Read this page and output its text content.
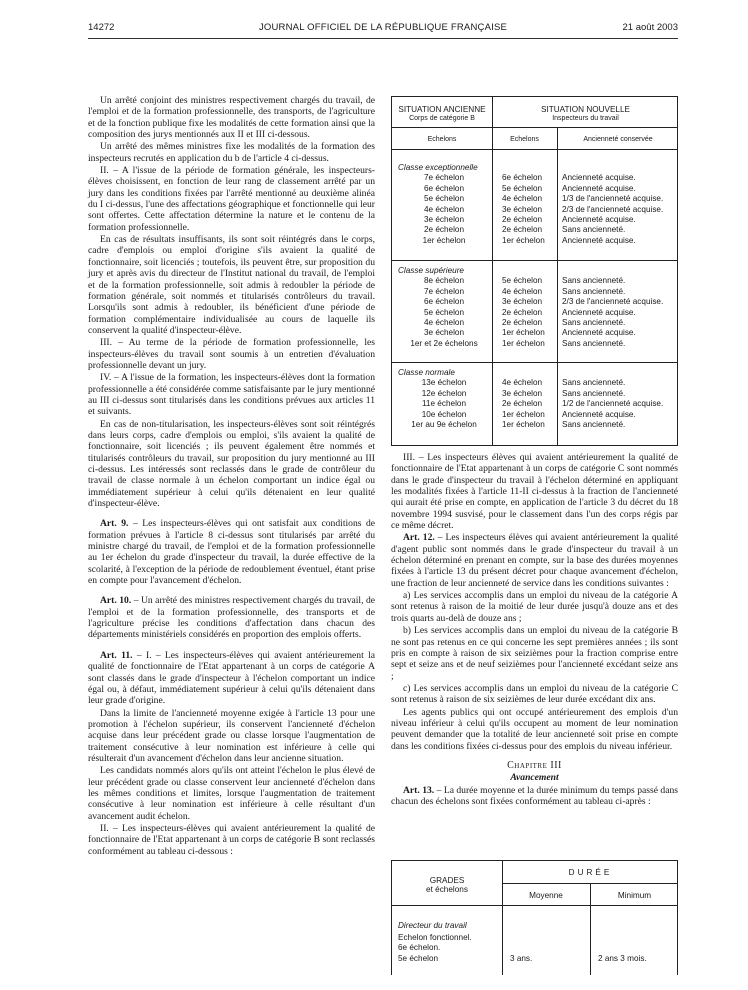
14272	JOURNAL OFFICIEL DE LA RÉPUBLIQUE FRANÇAISE	21 août 2003

Un arrêté conjoint des ministres respectivement chargés du travail, de l'emploi et de la formation professionnelle, des transports, de l'agriculture et de la fonction publique fixe les modalités de cette formation ainsi que la composition des jurys mentionnés aux II et III ci-dessous.

Un arrêté des mêmes ministres fixe les modalités de la formation des inspecteurs recrutés en application du b de l'article 4 ci-dessus.

II. – A l'issue de la période de formation générale, les inspecteurs-élèves choisissent, en fonction de leur rang de classement arrêté par un jury dans les conditions fixées par l'arrêté mentionné au deuxième alinéa du I ci-dessus, l'une des affectations géographique et fonctionnelle qui leur sont offertes. Cette affectation détermine la nature et le contenu de la formation professionnelle.

En cas de résultats insuffisants, ils sont soit réintégrés dans le corps, cadre d'emplois ou emploi d'origine s'ils avaient la qualité de fonctionnaire, soit licenciés ; toutefois, ils peuvent être, sur proposition du jury et après avis du directeur de l'Institut national du travail, de l'emploi et de la formation professionnelle, soit admis à redoubler la période de formation générale, soit nommés et titularisés contrôleurs du travail. Lorsqu'ils sont admis à redoubler, ils bénéficient d'une période de formation complémentaire individualisée au cours de laquelle ils conservent la qualité d'inspecteur-élève.

III. – Au terme de la période de formation professionnelle, les inspecteurs-élèves du travail sont soumis à un entretien d'évaluation professionnelle devant un jury.

IV. – A l'issue de la formation, les inspecteurs-élèves dont la formation professionnelle a été considérée comme satisfaisante par le jury mentionné au III ci-dessus sont titularisés dans les conditions prévues aux articles 11 et suivants.

En cas de non-titularisation, les inspecteurs-élèves sont soit réintégrés dans leurs corps, cadre d'emplois ou emploi, s'ils avaient la qualité de fonctionnaire, soit licenciés ; ils peuvent également être nommés et titularisés contrôleurs du travail, sur proposition du jury mentionné au III ci-dessus. Les intéressés sont reclassés dans le grade de contrôleur du travail de classe normale à un échelon comportant un indice égal ou immédiatement supérieur à celui qu'ils détenaient en leur qualité d'inspecteur-élève.

Art. 9. – Les inspecteurs-élèves qui ont satisfait aux conditions de formation prévues à l'article 8 ci-dessus sont titularisés par arrêté du ministre chargé du travail, de l'emploi et de la formation professionnelle au 1er échelon du grade d'inspecteur du travail, la durée effective de la scolarité, à l'exception de la période de redoublement éventuel, étant prise en compte pour l'avancement d'échelon.

Art. 10. – Un arrêté des ministres respectivement chargés du travail, de l'emploi et de la formation professionnelle, des transports et de l'agriculture précise les conditions d'affectation dans chacun des départements ministériels considérés en proportion des emplois offerts.

Art. 11. – I. – Les inspecteurs-élèves qui avaient antérieurement la qualité de fonctionnaire de l'Etat appartenant à un corps de catégorie A sont classés dans le grade d'inspecteur à l'échelon comportant un indice égal ou, à défaut, immédiatement supérieur à celui qu'ils détenaient dans leur grade d'origine.

Dans la limite de l'ancienneté moyenne exigée à l'article 13 pour une promotion à l'échelon supérieur, ils conservent l'ancienneté d'échelon acquise dans leur précédent grade ou classe lorsque l'augmentation de traitement consécutive à leur nomination est inférieure à celle qui résulterait d'un avancement d'échelon dans leur ancienne situation.

Les candidats nommés alors qu'ils ont atteint l'échelon le plus élevé de leur précédent grade ou classe conservent leur ancienneté d'échelon dans les mêmes conditions et limites, lorsque l'augmentation de traitement consécutive à leur nomination est inférieure à celle résultant d'un avancement audit échelon.

II. – Les inspecteurs-élèves qui avaient antérieurement la qualité de fonctionnaire de l'Etat appartenant à un corps de catégorie B sont reclassés conformément au tableau ci-dessous :

SITUATION ANCIENNE
Corps de catégorie B
SITUATION NOUVELLE
Inspecteurs du travail
Echelons	Echelons	Ancienneté conservée
Classe exceptionnelle
7e échelon	6e échelon Ancienneté acquise.
6e échelon	5e échelon Ancienneté acquise.
5e échelon	4e échelon 1/3 de l'ancienneté acquise.
4e échelon	3e échelon 2/3 de l'ancienneté acquise.
3e échelon	2e échelon Ancienneté acquise.
2e échelon	2e échelon Sans ancienneté.
1er échelon	1er échelon Ancienneté acquise.
Classe supérieure
8e échelon	5e échelon Sans ancienneté.
7e échelon	4e échelon Sans ancienneté.
6e échelon	3e échelon 2/3 de l'ancienneté acquise.
5e échelon	2e échelon Ancienneté acquise.
4e échelon	2e échelon Sans ancienneté.
3e échelon	1er échelon Ancienneté acquise.
1er et 2e échelons	1er échelon Sans ancienneté.
Classe normale
13e échelon	4e échelon Sans ancienneté.
12e échelon	3e échelon Sans ancienneté.
11e échelon	2e échelon 1/2 de l'ancienneté acquise.
10e échelon	1er échelon Ancienneté acquise.
1er au 9e échelon	1er échelon Sans ancienneté.

III. – Les inspecteurs élèves qui avaient antérieurement la qualité de fonctionnaire de l'Etat appartenant à un corps de catégorie C sont nommés dans le grade d'inspecteur du travail à l'échelon déterminé en appliquant les modalités fixées à l'article 11-II ci-dessus à la fraction de l'ancienneté qui aurait été prise en compte, en application de l'article 3 du décret du 18 novembre 1994 susvisé, pour le classement dans l'un des corps régis par ce même décret.

Art. 12. – Les inspecteurs élèves qui avaient antérieurement la qualité d'agent public sont nommés dans le grade d'inspecteur du travail à un échelon déterminé en prenant en compte, sur la base des durées moyennes fixées à l'article 13 du présent décret pour chaque avancement d'échelon, une fraction de leur ancienneté de service dans les conditions suivantes :

a) Les services accomplis dans un emploi du niveau de la catégorie A sont retenus à raison de la moitié de leur durée jusqu'à douze ans et des trois quarts au-delà de douze ans ;

b) Les services accomplis dans un emploi du niveau de la catégorie B ne sont pas retenus en ce qui concerne les sept premières années ; ils sont pris en compte à raison de six seizièmes pour la fraction comprise entre sept et seize ans et de neuf seizièmes pour l'ancienneté excédant seize ans ;

c) Les services accomplis dans un emploi du niveau de la catégorie C sont retenus à raison de six seizièmes de leur durée excédant dix ans.

Les agents publics qui ont occupé antérieurement des emplois d'un niveau inférieur à celui qu'ils occupent au moment de leur nomination peuvent demander que la totalité de leur ancienneté soit prise en compte dans les conditions fixées ci-dessus pour des emplois du niveau inférieur.

Chapitre III

Avancement

Art. 13. – La durée moyenne et la durée minimum du temps passé dans chacun des échelons sont fixées conformément au tableau ci-après :

GRADES
et échelons
DURÉE
Moyenne	Minimum
Directeur du travail
Echelon fonctionnel.
6e échelon.
5e échelon	3 ans.	2 ans 3 mois.
